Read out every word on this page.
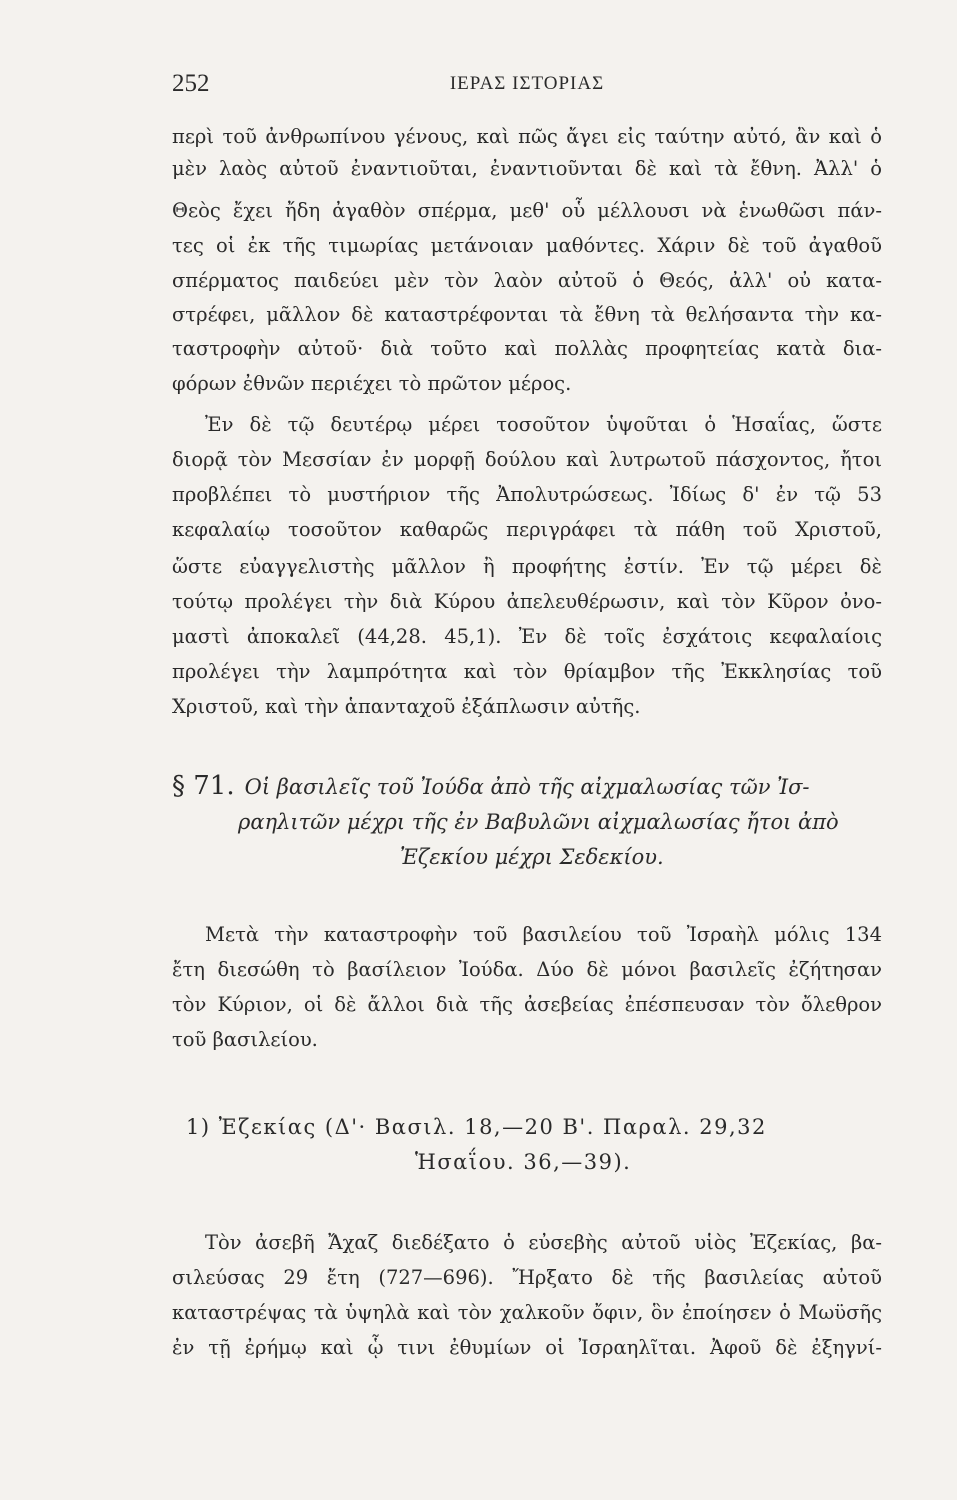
252	ΙΕΡΑΣ ΙΣΤΟΡΙΑΣ
περὶ τοῦ ἀνθρωπίνου γένους, καὶ πῶς ἄγει εἰς ταύτην αὐτό, ἂν καὶ ὁ
μὲν λαὸς αὐτοῦ ἐναντιοῦται, ἐναντιοῦνται δὲ καὶ τὰ ἔθνη. Ἀλλ' ὁ
Θεὸς ἔχει ἤδη ἀγαθὸν σπέρμα, μεθ' οὗ μέλλουσι νὰ ἑνωθῶσι πάν-
τες οἱ ἐκ τῆς τιμωρίας μετάνοιαν μαθόντες. Χάριν δὲ τοῦ ἀγαθοῦ
σπέρματος παιδεύει μὲν τὸν λαὸν αὐτοῦ ὁ Θεός, ἀλλ' οὐ κατα-
στρέφει, μᾶλλον δὲ καταστρέφονται τὰ ἔθνη τὰ θελήσαντα τὴν κα-
ταστροφὴν αὐτοῦ· διὰ τοῦτο καὶ πολλὰς προφητείας κατὰ δια-
φόρων ἐθνῶν περιέχει τὸ πρῶτον μέρος.
Ἐν δὲ τῷ δευτέρῳ μέρει τοσοῦτον ὑψοῦται ὁ Ἡσαΐας, ὥστε
διορᾷ τὸν Μεσσίαν ἐν μορφῇ δούλου καὶ λυτρωτοῦ πάσχοντος, ἤτοι
προβλέπει τὸ μυστήριον τῆς Ἀπολυτρώσεως. Ἰδίως δ' ἐν τῷ 53
κεφαλαίῳ τοσοῦτον καθαρῶς περιγράφει τὰ πάθη τοῦ Χριστοῦ,
ὥστε εὐαγγελιστὴς μᾶλλον ἢ προφήτης ἐστίν. Ἐν τῷ μέρει δὲ
τούτῳ προλέγει τὴν διὰ Κύρου ἀπελευθέρωσιν, καὶ τὸν Κῦρον ὀνο-
μαστὶ ἀποκαλεῖ (44,28. 45,1). Ἐν δὲ τοῖς ἐσχάτοις κεφαλαίοις
προλέγει τὴν λαμπρότητα καὶ τὸν θρίαμβον τῆς Ἐκκλησίας τοῦ
Χριστοῦ, καὶ τὴν ἁπανταχοῦ ἐξάπλωσιν αὐτῆς.
§ 71. Οἱ βασιλεῖς τοῦ Ἰούδα ἀπὸ τῆς αἰχμαλωσίας τῶν Ἰσ-
ραηλιτῶν μέχρι τῆς ἐν Βαβυλῶνι αἰχμαλωσίας ἤτοι ἀπὸ
Ἐζεκίου μέχρι Σεδεκίου.
Μετὰ τὴν καταστροφὴν τοῦ βασιλείου τοῦ Ἰσραὴλ μόλις 134
ἔτη διεσώθη τὸ βασίλειον Ἰούδα. Δύο δὲ μόνοι βασιλεῖς ἐζήτησαν
τὸν Κύριον, οἱ δὲ ἄλλοι διὰ τῆς ἀσεβείας ἐπέσπευσαν τὸν ὄλεθρον
τοῦ βασιλείου.
1) Ἐζεκίας (Δ'· Βασιλ. 18,—20 Β'. Παραλ. 29,32
Ἡσαΐου. 36,—39).
Τὸν ἀσεβῆ Ἄχαζ διεδέξατο ὁ εὐσεβὴς αὐτοῦ υἱὸς Ἐζεκίας, βα-
σιλεύσας 29 ἔτη (727—696). Ἤρξατο δὲ τῆς βασιλείας αὐτοῦ
καταστρέψας τὰ ὑψηλὰ καὶ τὸν χαλκοῦν ὄφιν, ὃν ἐποίησεν ὁ Μωϋσῆς
ἐν τῇ ἐρήμῳ καὶ ᾧ τινι ἐθυμίων οἱ Ἰσραηλῖται. Ἀφοῦ δὲ ἐξηγνί-
